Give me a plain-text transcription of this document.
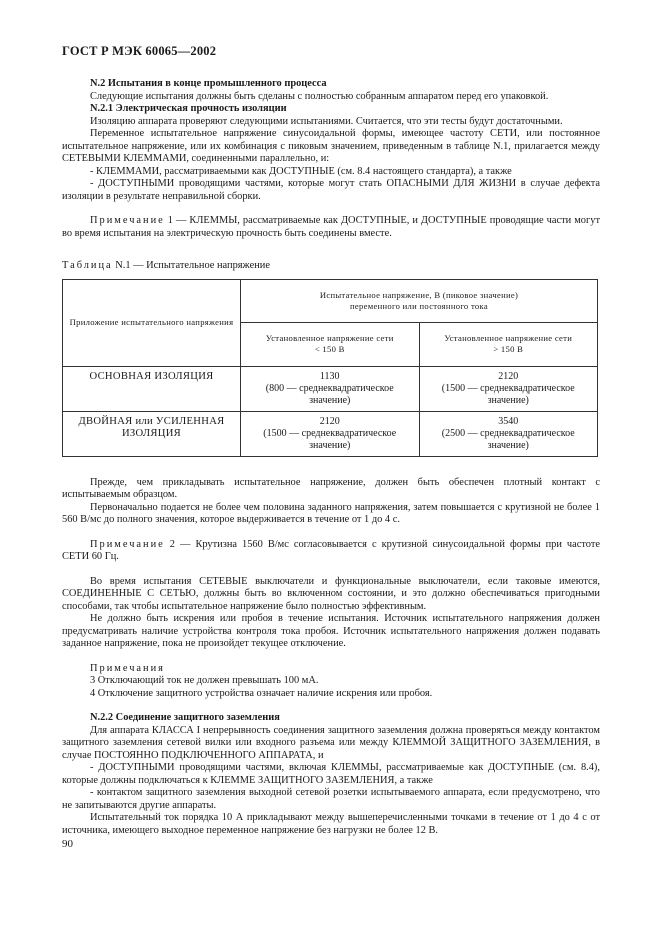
ГОСТ Р МЭК 60065—2002

N.2 Испытания в конце промышленного процесса

Следующие испытания должны быть сделаны с полностью собранным аппаратом перед его упаковкой.

N.2.1 Электрическая прочность изоляции

Изоляцию аппарата проверяют следующими испытаниями. Считается, что эти тесты будут достаточными.

Переменное испытательное напряжение синусоидальной формы, имеющее частоту СЕТИ, или постоянное испытательное напряжение, или их комбинация с пиковым значением, приведенным в таблице N.1, прилагается между СЕТЕВЫМИ КЛЕММАМИ, соединенными параллельно, и:

- КЛЕММАМИ, рассматриваемыми как ДОСТУПНЫЕ (см. 8.4 настоящего стандарта), а также

- ДОСТУПНЫМИ проводящими частями, которые могут стать ОПАСНЫМИ ДЛЯ ЖИЗНИ в случае дефекта изоляции в результате неправильной сборки.

Примечание 1 — КЛЕММЫ, рассматриваемые как ДОСТУПНЫЕ, и ДОСТУПНЫЕ проводящие части могут во время испытания на электрическую прочность быть соединены вместе.

Таблица N.1 — Испытательное напряжение

Приложение испытательного напряжения	Испытательное напряжение, В (пиковое значение)
переменного или постоянного тока	
	Установленное напряжение сети
< 150 В	Установленное напряжение сети
> 150 В
ОСНОВНАЯ ИЗОЛЯЦИЯ	1130
(800 — среднеквадратическое
значение)	2120
(1500 — среднеквадратическое
значение)
ДВОЙНАЯ или УСИЛЕННАЯ
ИЗОЛЯЦИЯ	2120
(1500 — среднеквадратическое
значение)	3540
(2500 — среднеквадратическое
значение)

Прежде, чем прикладывать испытательное напряжение, должен быть обеспечен плотный контакт с испытываемым образцом.

Первоначально подается не более чем половина заданного напряжения, затем повышается с крутизной не более 1 560 В/мс до полного значения, которое выдерживается в течение от 1 до 4 с.

Примечание 2 — Крутизна 1560 В/мс согласовывается с крутизной синусоидальной формы при частоте СЕТИ 60 Гц.

Во время испытания СЕТЕВЫЕ выключатели и функциональные выключатели, если таковые имеются, СОЕДИНЕННЫЕ С СЕТЬЮ, должны быть во включенном состоянии, и это должно обеспечиваться пригодными способами, так чтобы испытательное напряжение было полностью эффективным.

Не должно быть искрения или пробоя в течение испытания. Источник испытательного напряжения должен предусматривать наличие устройства контроля тока пробоя. Источник испытательного напряжения должен подавать заданное напряжение, пока не произойдет текущее отключение.

Примечания

3 Отключающий ток не должен превышать 100 мА.

4 Отключение защитного устройства означает наличие искрения или пробоя.

N.2.2 Соединение защитного заземления

Для аппарата КЛАССА I непрерывность соединения защитного заземления должна проверяться между контактом защитного заземления сетевой вилки или входного разъема или между КЛЕММОЙ ЗАЩИТНОГО ЗАЗЕМЛЕНИЯ, в случае ПОСТОЯННО ПОДКЛЮЧЕННОГО АППАРАТА, и

- ДОСТУПНЫМИ проводящими частями, включая КЛЕММЫ, рассматриваемые как ДОСТУПНЫЕ (см. 8.4), которые должны подключаться к КЛЕММЕ ЗАЩИТНОГО ЗАЗЕМЛЕНИЯ, а также

- контактом защитного заземления выходной сетевой розетки испытываемого аппарата, если предусмотрено, что не запитываются другие аппараты.

Испытательный ток порядка 10 А прикладывают между вышеперечисленными точками в течение от 1 до 4 с от источника, имеющего выходное переменное напряжение без нагрузки не более 12 В.

90
